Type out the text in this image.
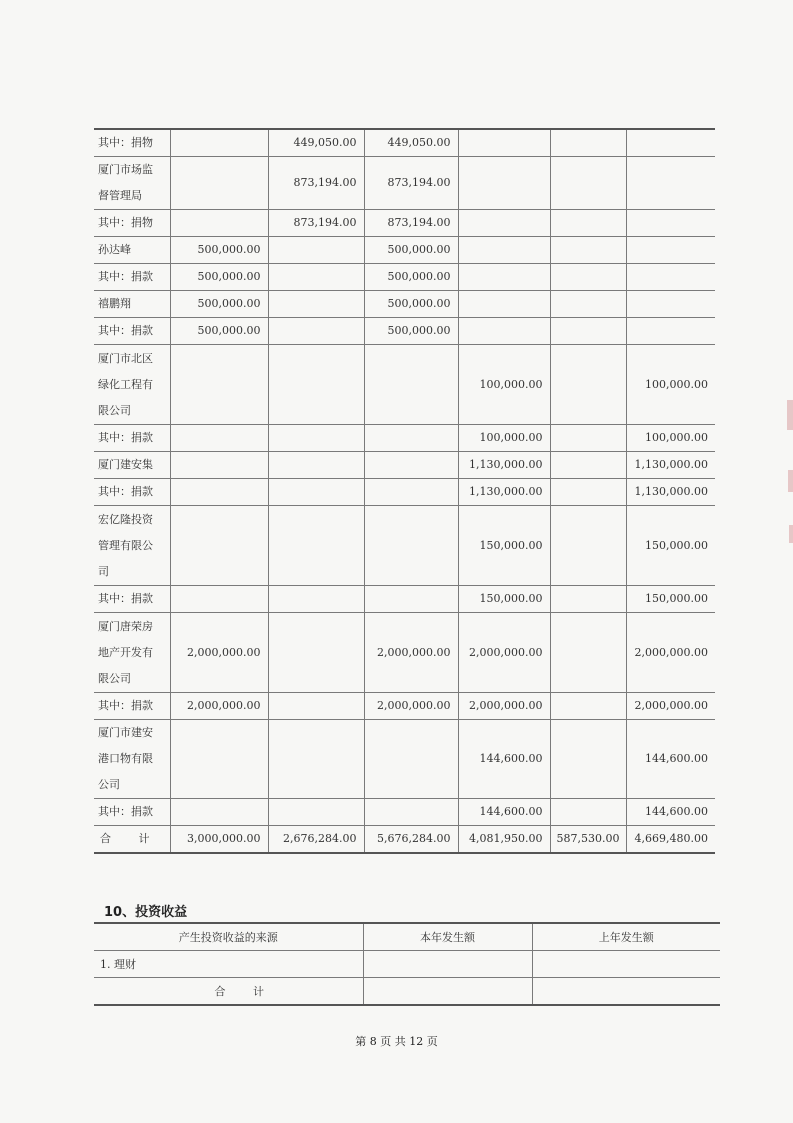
其中：捐物		449,050.00	449,050.00			
厦门市场监督管理局		873,194.00	873,194.00			
其中：捐物		873,194.00	873,194.00			
孙达峰	500,000.00		500,000.00			
其中：捐款	500,000.00		500,000.00			
禧鹏翔	500,000.00		500,000.00			
其中：捐款	500,000.00		500,000.00			
厦门市北区绿化工程有限公司				100,000.00		100,000.00
其中：捐款				100,000.00		100,000.00
厦门建安集				1,130,000.00		1,130,000.00
其中：捐款				1,130,000.00		1,130,000.00
宏亿隆投资管理有限公司				150,000.00		150,000.00
其中：捐款				150,000.00		150,000.00
厦门唐荣房地产开发有限公司	2,000,000.00		2,000,000.00	2,000,000.00		2,000,000.00
其中：捐款	2,000,000.00		2,000,000.00	2,000,000.00		2,000,000.00
厦门市建安港口物有限公司				144,600.00		144,600.00
其中：捐款				144,600.00		144,600.00
合 计	3,000,000.00	2,676,284.00	5,676,284.00	4,081,950.00	587,530.00	4,669,480.00
10、投资收益
产生投资收益的来源	本年发生额	上年发生额
1. 理财		
合 计		
第 8 页 共 12 页
